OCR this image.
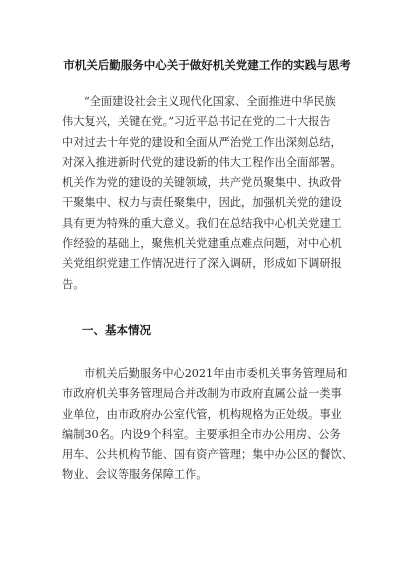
市机关后勤服务中心关于做好机关党建工作的实践与思考
“全面建设社会主义现代化国家、全面推进中华民族
伟大复兴，关键在党。”习近平总书记在党的二十大报告
中对过去十年党的建设和全面从严治党工作出深刻总结，
对深入推进新时代党的建设新的伟大工程作出全面部署。
机关作为党的建设的关键领域，共产党员聚集中、执政骨
干聚集中、权力与责任聚集中，因此，加强机关党的建设
具有更为特殊的重大意义。我们在总结我中心机关党建工
作经验的基础上，聚焦机关党建重点难点问题，对中心机
关党组织党建工作情况进行了深入调研，形成如下调研报
告。
一、基本情况
市机关后勤服务中心2021年由市委机关事务管理局和
市政府机关事务管理局合并改制为市政府直属公益一类事
业单位，由市政府办公室代管，机构规格为正处级。事业
编制30名。内设9个科室。主要承担全市办公用房、公务
用车、公共机构节能、国有资产管理；集中办公区的餐饮、
物业、会议等服务保障工作。
